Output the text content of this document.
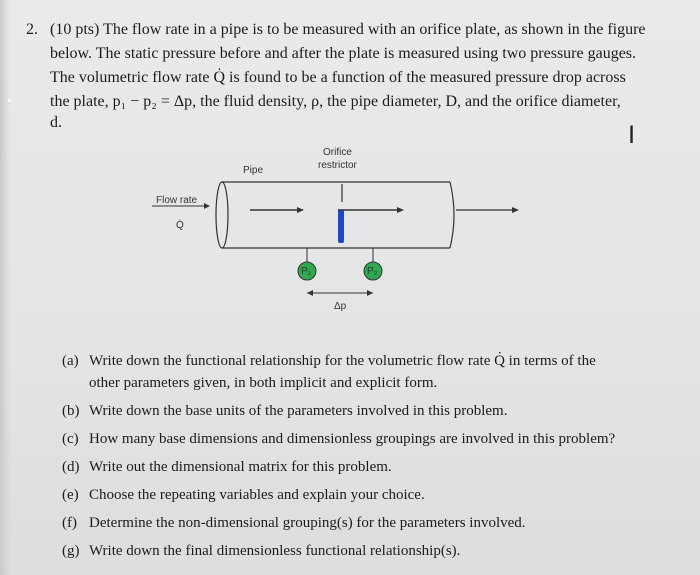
2. (10 pts) The flow rate in a pipe is to be measured with an orifice plate, as shown in the figure
below. The static pressure before and after the plate is measured using two pressure gauges.
The volumetric flow rate Q̇ is found to be a function of the measured pressure drop across
the plate, p₁ − p₂ = Δp, the fluid density, ρ, the pipe diameter, D, and the orifice diameter,
d.	I
Pipe
Orifice
restrictor
Flow rate
Q̇
P₁	P₂
Δp
(a) Write down the functional relationship for the volumetric flow rate Q̇ in terms of the
other parameters given, in both implicit and explicit form.
(b) Write down the base units of the parameters involved in this problem.
(c) How many base dimensions and dimensionless groupings are involved in this problem?
(d) Write out the dimensional matrix for this problem.
(e) Choose the repeating variables and explain your choice.
(f) Determine the non-dimensional grouping(s) for the parameters involved.
(g) Write down the final dimensionless functional relationship(s).
